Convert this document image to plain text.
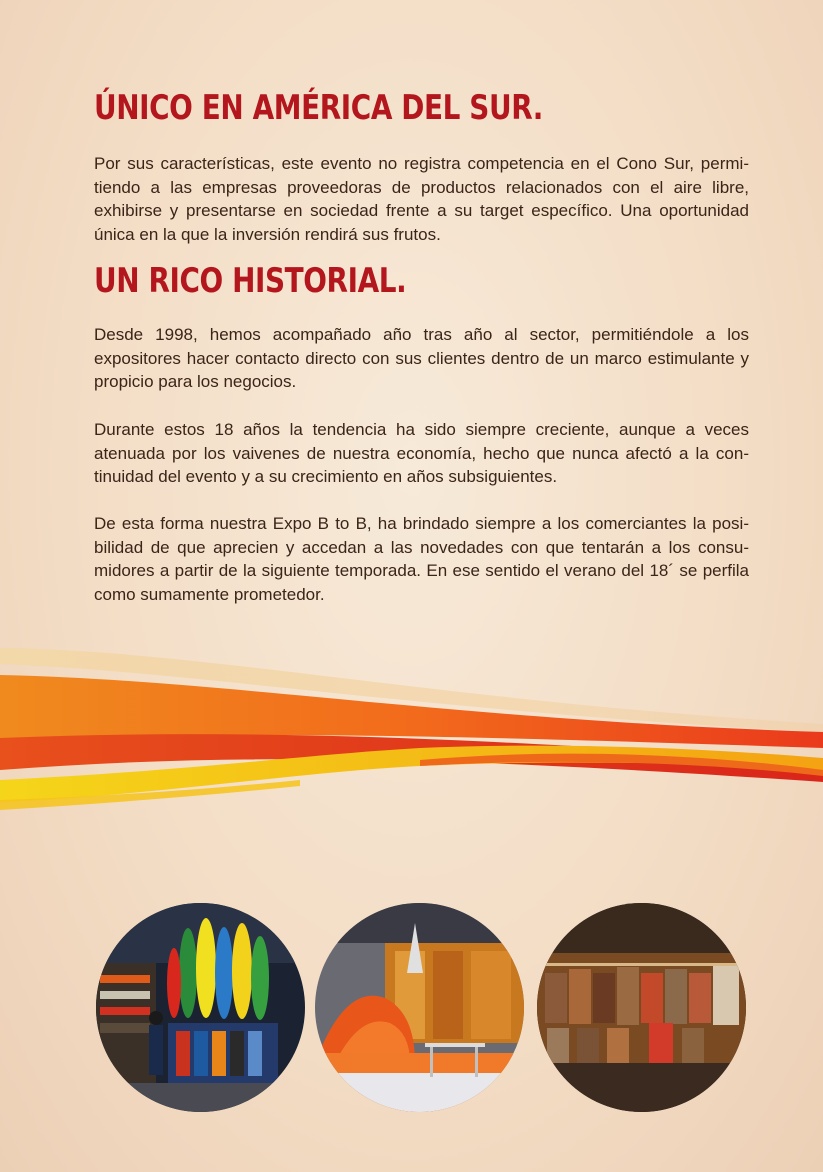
ÚNICO EN AMÉRICA DEL SUR.

Por sus características, este evento no registra competencia en el Cono Sur, permitiendo a las empresas proveedoras de productos relacionados con el aire libre, exhibirse y presentarse en sociedad frente a su target específico. Una oportunidad única en la que la inversión rendirá sus frutos.

UN RICO HISTORIAL.

Desde 1998, hemos acompañado año tras año al sector, permitiéndole a los expositores hacer contacto directo con sus clientes dentro de un marco estimulante y propicio para los negocios.

Durante estos 18 años la tendencia ha sido siempre creciente, aunque a veces atenuada por los vaivenes de nuestra economía, hecho que nunca afectó a la continuidad del evento y a su crecimiento en años subsiguientes.

De esta forma nuestra Expo B to B, ha brindado siempre a los comerciantes la posibilidad de que aprecien y accedan a las novedades con que tentarán a los consumidores a partir de la siguiente temporada. En ese sentido el verano del 18´ se perfila como sumamente prometedor.
